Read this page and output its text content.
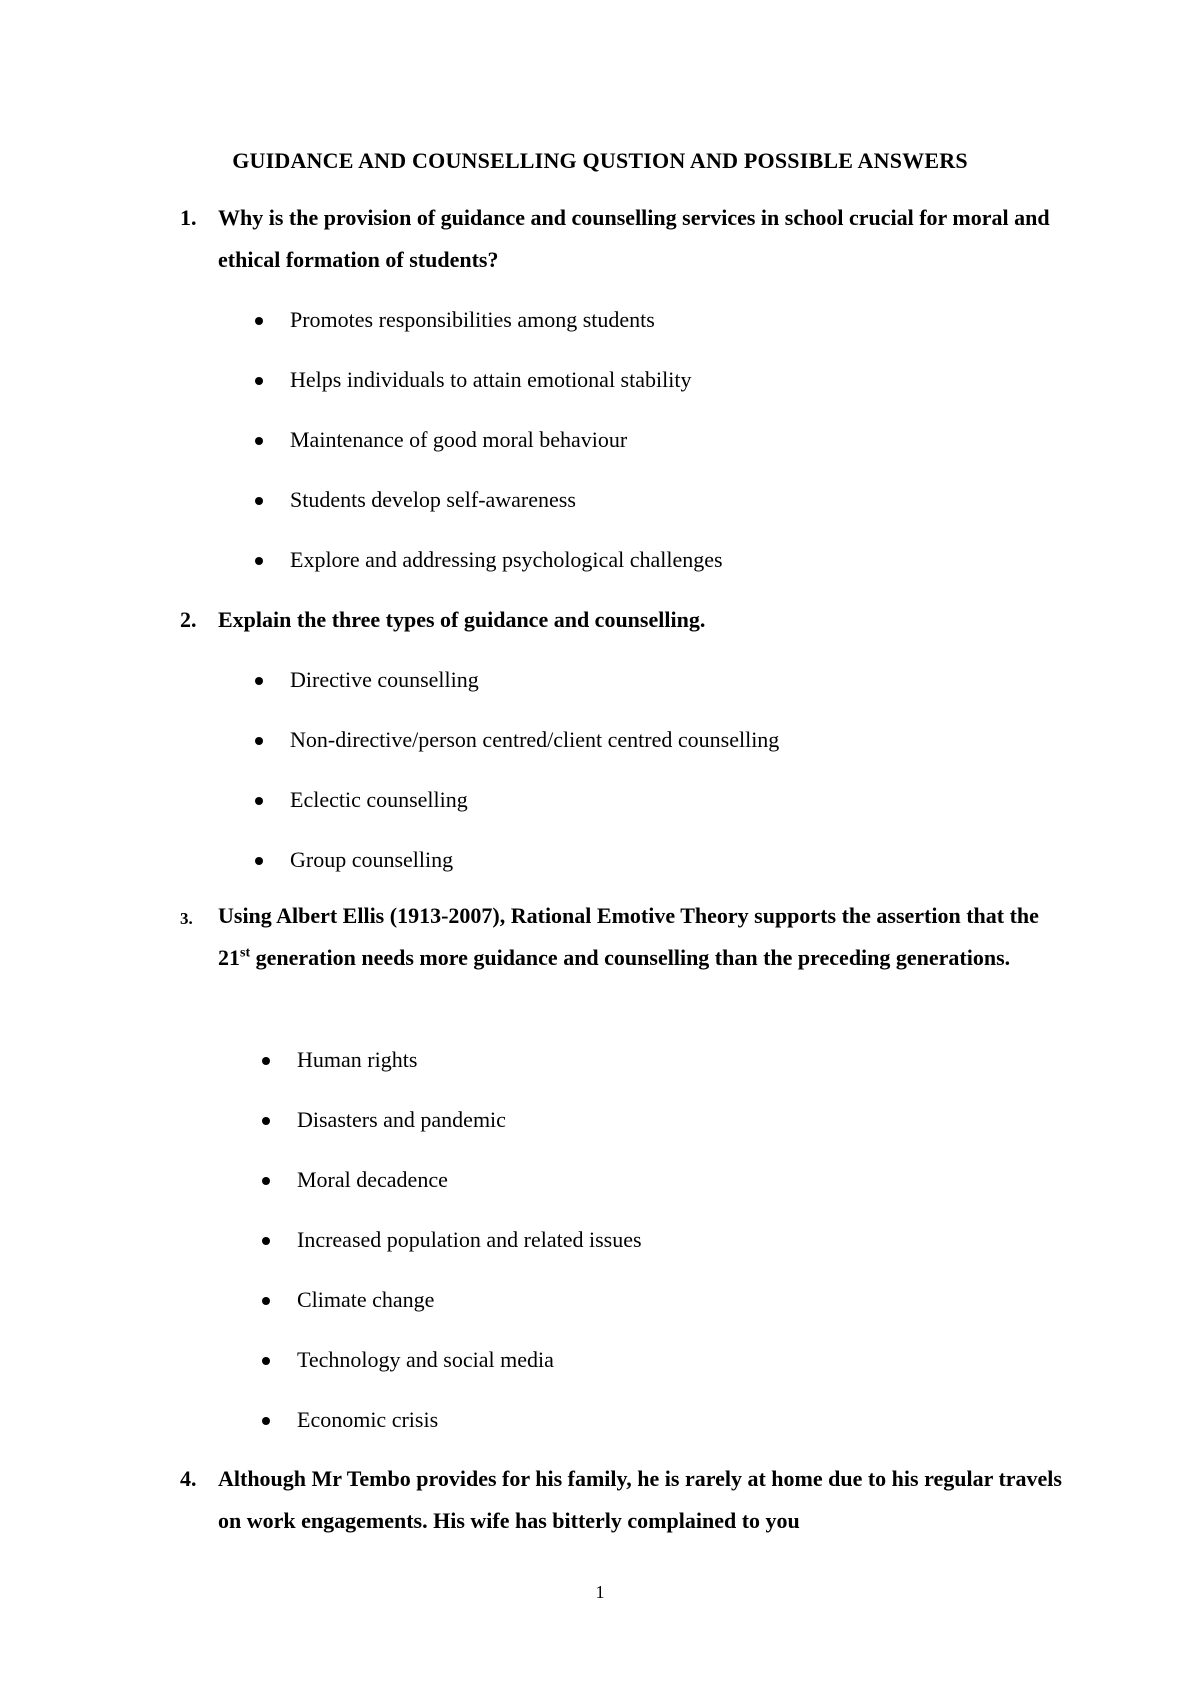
GUIDANCE AND COUNSELLING QUSTION AND POSSIBLE ANSWERS
1. Why is the provision of guidance and counselling services in school crucial for moral and ethical formation of students?
Promotes responsibilities among students
Helps individuals to attain emotional stability
Maintenance of good moral behaviour
Students develop self-awareness
Explore and addressing psychological challenges
2. Explain the three types of guidance and counselling.
Directive counselling
Non-directive/person centred/client centred counselling
Eclectic counselling
Group counselling
3. Using Albert Ellis (1913-2007), Rational Emotive Theory supports the assertion that the 21st generation needs more guidance and counselling than the preceding generations.
Human rights
Disasters and pandemic
Moral decadence
Increased population and related issues
Climate change
Technology and social media
Economic crisis
4. Although Mr Tembo provides for his family, he is rarely at home due to his regular travels on work engagements. His wife has bitterly complained to you
1
